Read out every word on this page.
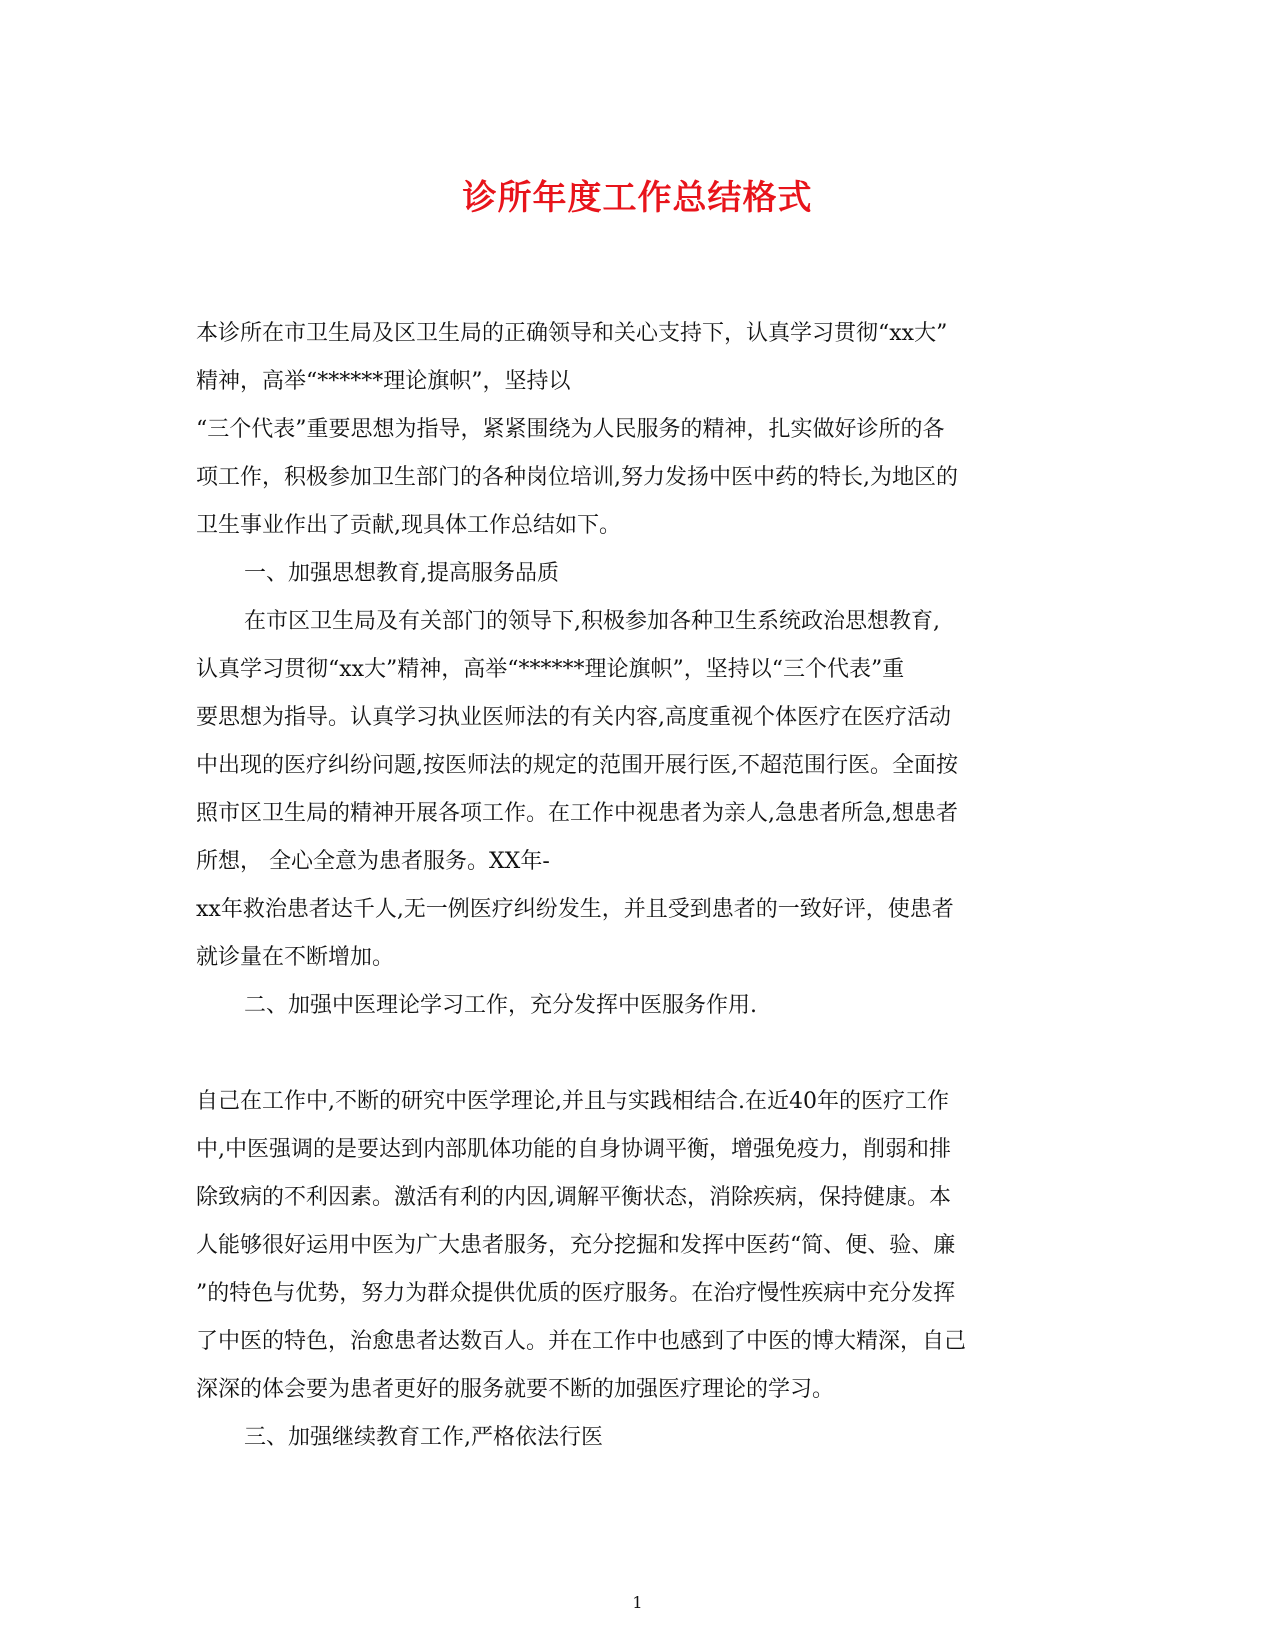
诊所年度工作总结格式
本诊所在市卫生局及区卫生局的正确领导和关心支持下，认真学习贯彻“xx大”
精神，高举“******理论旗帜”，坚持以
“三个代表”重要思想为指导，紧紧围绕为人民服务的精神，扎实做好诊所的各
项工作，积极参加卫生部门的各种岗位培训,努力发扬中医中药的特长,为地区的
卫生事业作出了贡献,现具体工作总结如下。
一、加强思想教育,提高服务品质
在市区卫生局及有关部门的领导下,积极参加各种卫生系统政治思想教育,
认真学习贯彻“xx大”精神，高举“******理论旗帜”，坚持以“三个代表”重
要思想为指导。认真学习执业医师法的有关内容,高度重视个体医疗在医疗活动
中出现的医疗纠纷问题,按医师法的规定的范围开展行医,不超范围行医。全面按
照市区卫生局的精神开展各项工作。在工作中视患者为亲人,急患者所急,想患者
所想， 全心全意为患者服务。XX年-
xx年救治患者达千人,无一例医疗纠纷发生，并且受到患者的一致好评，使患者
就诊量在不断增加。
二、加强中医理论学习工作，充分发挥中医服务作用.
自己在工作中,不断的研究中医学理论,并且与实践相结合.在近40年的医疗工作
中,中医强调的是要达到内部肌体功能的自身协调平衡，增强免疫力，削弱和排
除致病的不利因素。激活有利的内因,调解平衡状态，消除疾病，保持健康。本
人能够很好运用中医为广大患者服务，充分挖掘和发挥中医药“简、便、验、廉
”的特色与优势，努力为群众提供优质的医疗服务。在治疗慢性疾病中充分发挥
了中医的特色，治愈患者达数百人。并在工作中也感到了中医的博大精深，自己
深深的体会要为患者更好的服务就要不断的加强医疗理论的学习。
三、加强继续教育工作,严格依法行医
1
